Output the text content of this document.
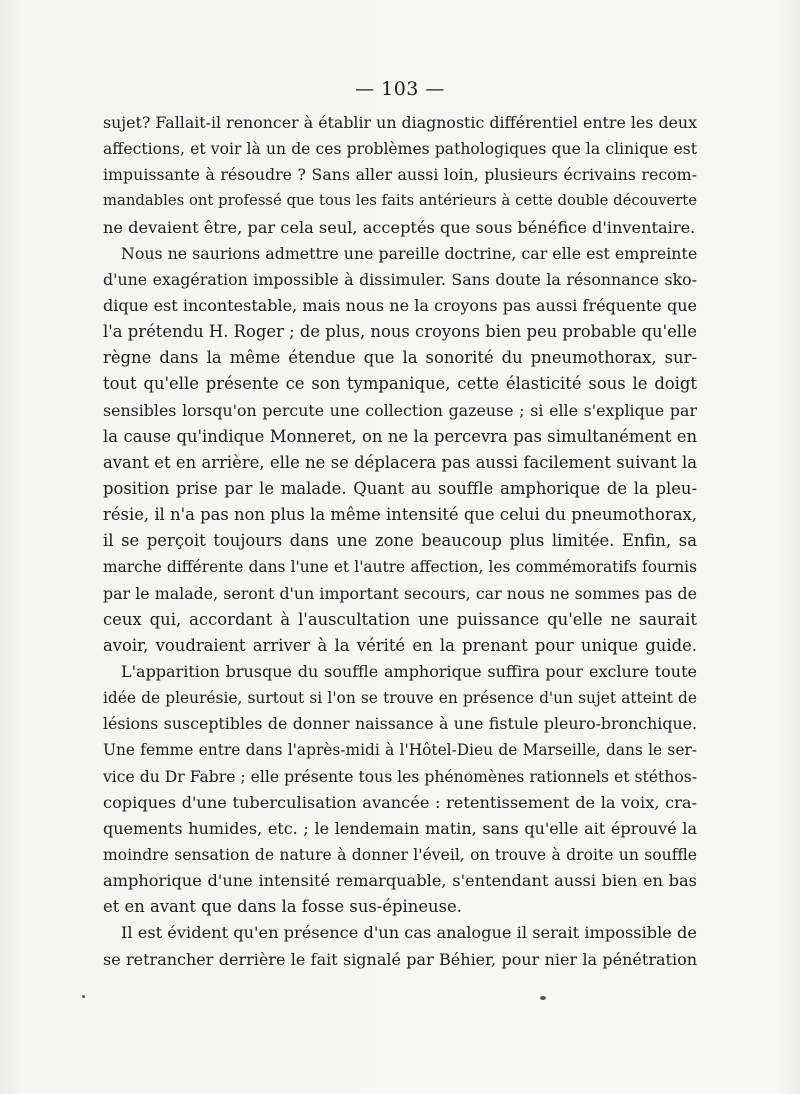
— 103 —
sujet? Fallait-il renoncer à établir un diagnostic différentiel entre les deux
affections, et voir là un de ces problèmes pathologiques que la clinique est
impuissante à résoudre ? Sans aller aussi loin, plusieurs écrivains recom-
mandables ont professé que tous les faits antérieurs à cette double découverte
ne devaient être, par cela seul, acceptés que sous bénéfice d'inventaire.
Nous ne saurions admettre une pareille doctrine, car elle est empreinte
d'une exagération impossible à dissimuler. Sans doute la résonnance sko-
dique est incontestable, mais nous ne la croyons pas aussi fréquente que
l'a prétendu H. Roger ; de plus, nous croyons bien peu probable qu'elle
règne dans la même étendue que la sonorité du pneumothorax, sur-
tout qu'elle présente ce son tympanique, cette élasticité sous le doigt
sensibles lorsqu'on percute une collection gazeuse ; si elle s'explique par
la cause qu'indique Monneret, on ne la percevra pas simultanément en
avant et en arrière, elle ne se déplacera pas aussi facilement suivant la
position prise par le malade. Quant au souffle amphorique de la pleu-
résie, il n'a pas non plus la même intensité que celui du pneumothorax,
il se perçoit toujours dans une zone beaucoup plus limitée. Enfin, sa
marche différente dans l'une et l'autre affection, les commémoratifs fournis
par le malade, seront d'un important secours, car nous ne sommes pas de
ceux qui, accordant à l'auscultation une puissance qu'elle ne saurait
avoir, voudraient arriver à la vérité en la prenant pour unique guide.
L'apparition brusque du souffle amphorique suffira pour exclure toute
idée de pleurésie, surtout si l'on se trouve en présence d'un sujet atteint de
lésions susceptibles de donner naissance à une fistule pleuro-bronchique.
Une femme entre dans l'après-midi à l'Hôtel-Dieu de Marseille, dans le ser-
vice du Dr Fabre ; elle présente tous les phénomènes rationnels et stéthos-
copiques d'une tuberculisation avancée : retentissement de la voix, cra-
quements humides, etc. ; le lendemain matin, sans qu'elle ait éprouvé la
moindre sensation de nature à donner l'éveil, on trouve à droite un souffle
amphorique d'une intensité remarquable, s'entendant aussi bien en bas
et en avant que dans la fosse sus-épineuse.
Il est évident qu'en présence d'un cas analogue il serait impossible de
se retrancher derrière le fait signalé par Béhier, pour nier la pénétration
